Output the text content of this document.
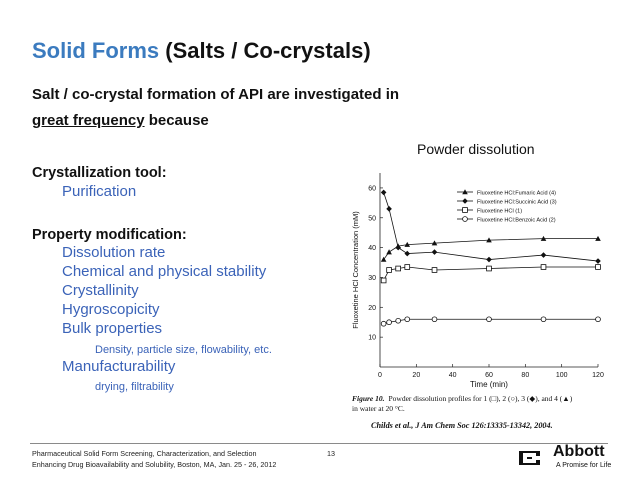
Solid Forms (Salts / Co-crystals)
Salt / co-crystal formation of API are investigated in
great frequency because
Crystallization tool:
Purification
Property modification:
Dissolution rate
Chemical and physical stability
Crystallinity
Hygroscopicity
Bulk properties
Density, particle size, flowability, etc.
Manufacturability
drying, filtrability
Powder dissolution
10
20
30
40
50
60
0	20	40	60	80	100	120
Fluoxetine HCl:Fumaric Acid (4)
Fluoxetine HCl:Succinic Acid (3)
Fluoxetine HCl (1)
Fluoxetine HCl:Benzoic Acid (2)
Time (min)
Fluoxetine HCl Concentration (mM)
Figure 10. Powder dissolution profiles for 1 (□), 2 (○), 3 (◆), and 4 (▲)
in water at 20 °C.
Childs et al., J Am Chem Soc 126:13335-13342, 2004.
Pharmaceutical Solid Form Screening, Characterization, and Selection
Enhancing Drug Bioavailability and Solubility, Boston, MA, Jan. 25 - 26, 2012
13	Abbott
A Promise for Life
